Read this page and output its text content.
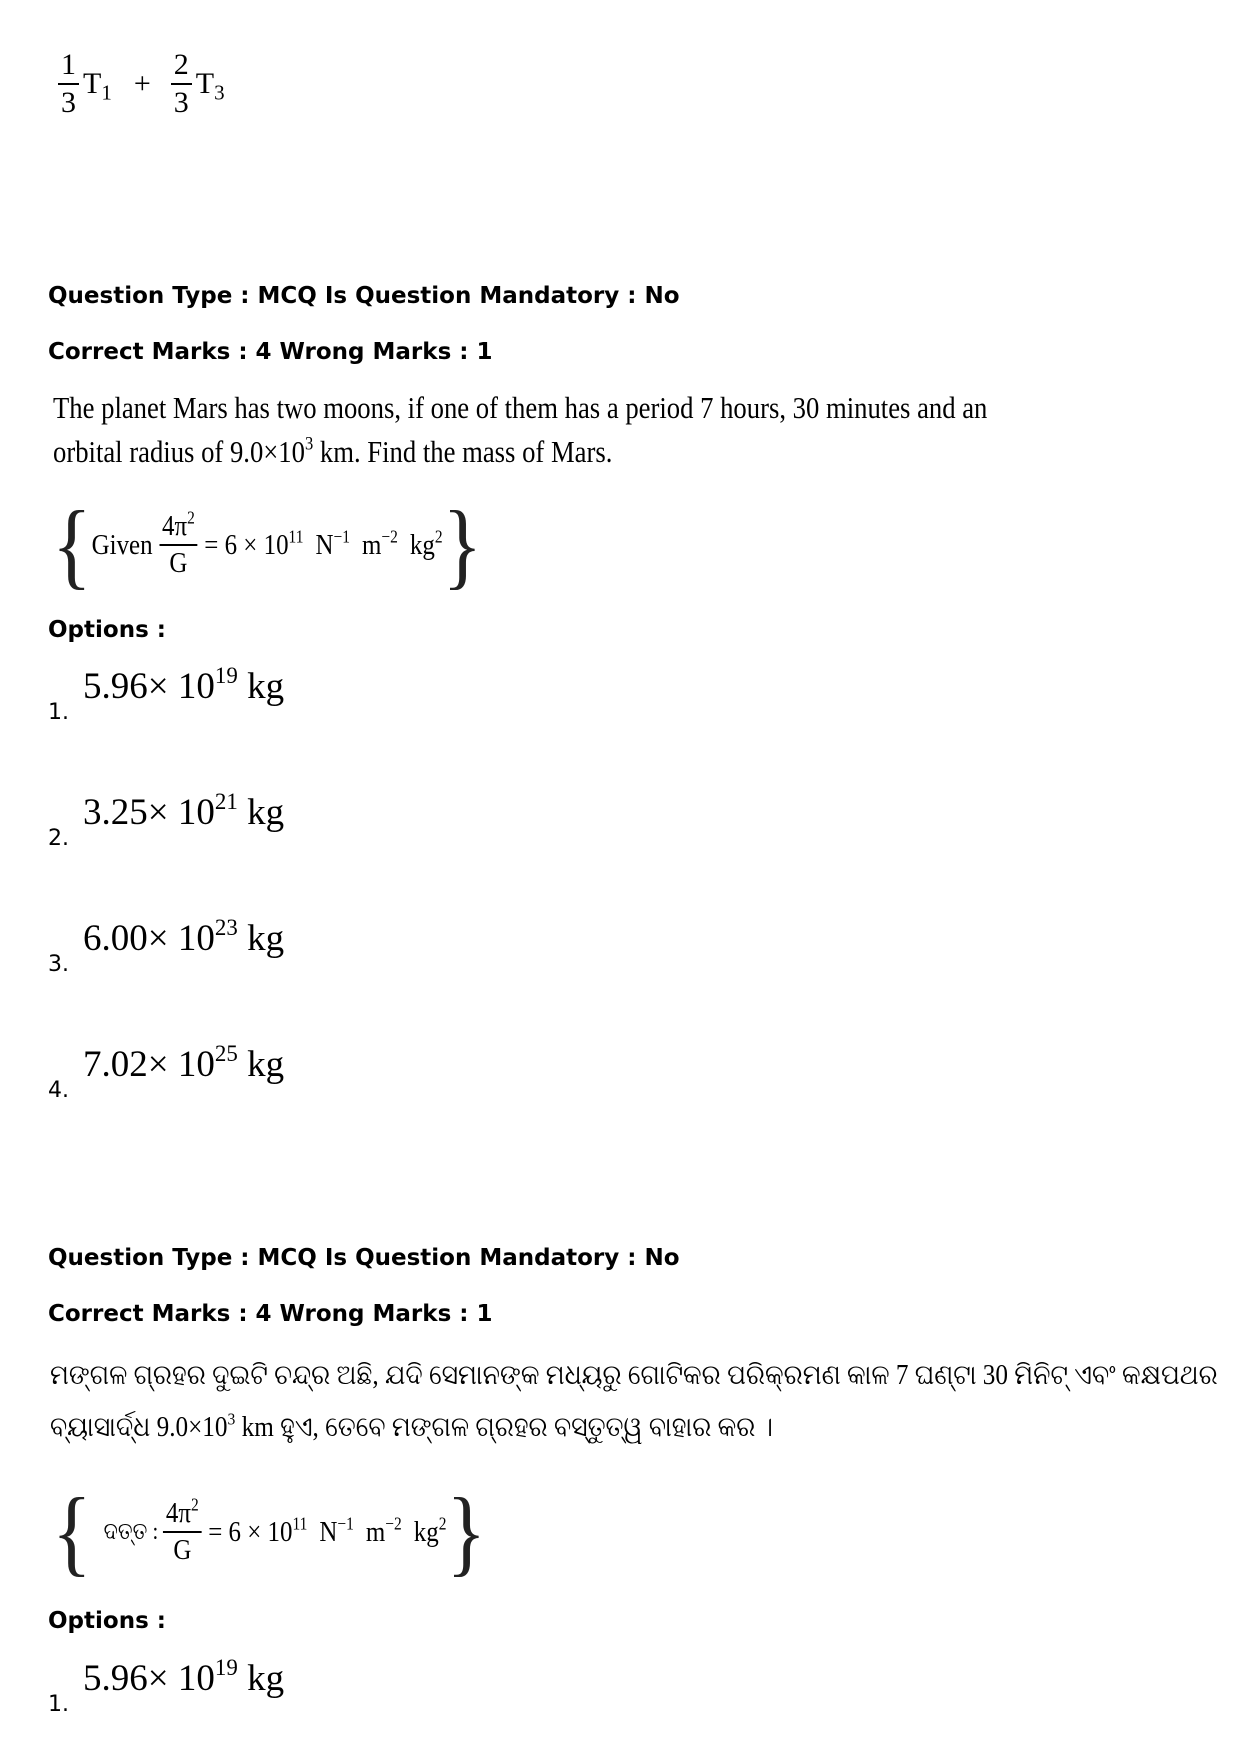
$\frac{1}{3} T_1 + \frac{2}{3} T_3$
Question Type : MCQ Is Question Mandatory : No
Correct Marks : 4 Wrong Marks : 1
The planet Mars has two moons, if one of them has a period 7 hours, 30 minutes and an
orbital radius of $9.0\times 10^3$ km. Find the mass of Mars.
{ Given $\frac{4\pi^2}{G} = 6 \times 10^{11}$ $N^{-1}$ $m^{-2}$ $kg^2$ }
Options :
1.
$5.96\times 10^{19}$ kg
2.
$3.25\times 10^{21}$ kg
3.
$6.00\times 10^{23}$ kg
4.
$7.02\times 10^{25}$ kg
Question Type : MCQ Is Question Mandatory : No
Correct Marks : 4 Wrong Marks : 1
ମଙ୍ଗଳ ଗ୍ରହର ଦୁଇଟି ଚନ୍ଦ୍ର ଅଛି, ଯଦି ସେମାନଙ୍କ ମଧ୍ୟରୁ ଗୋଟିକର ପରିକ୍ରମଣ କାଳ 7 ଘଣ୍ଟା 30 ମିନିଟ୍ ଏବଂ କକ୍ଷପଥର
ବ୍ୟାସାର୍ଦ୍ଧ $9.0\times 10^3$ km ହୁଏ, ତେବେ ମଙ୍ଗଳ ଗ୍ରହର ବସ୍ତୁତ୍ୱ ବାହାର କର ।
{ ଦତ୍ତ : $\frac{4\pi^2}{G} = 6 \times 10^{11}$ $N^{-1}$ $m^{-2}$ $kg^2$ }
Options :
1.
$5.96\times 10^{19}$ kg
